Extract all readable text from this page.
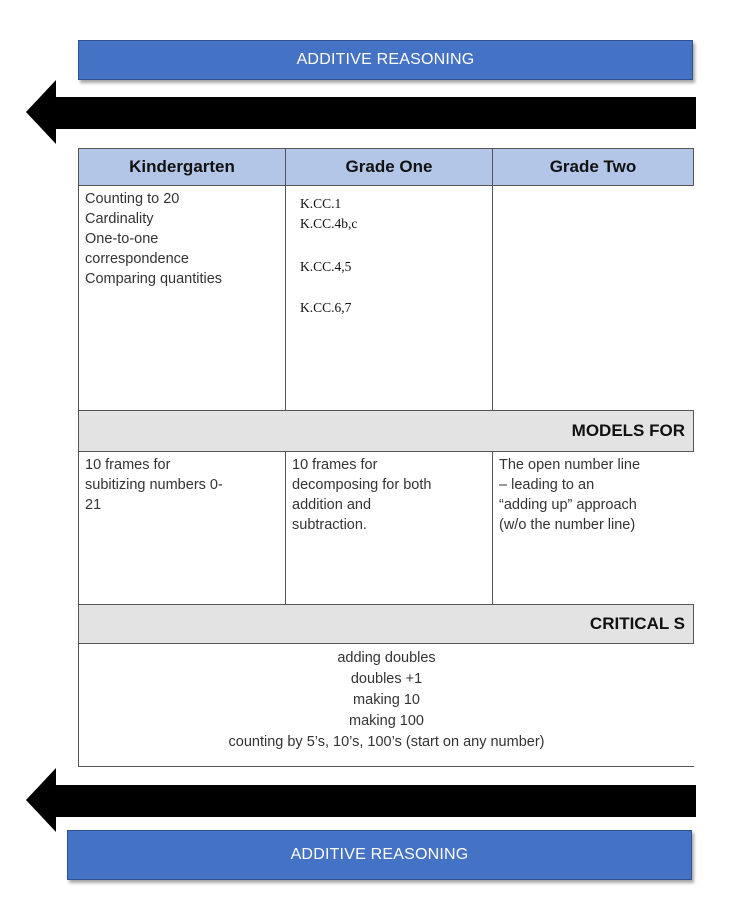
ADDITIVE REASONING
Kindergarten	Grade One	Grade Two
Counting to 20
Cardinality
One-to-one
correspondence
Comparing quantities
K.CC.1
K.CC.4b,c
K.CC.4,5
K.CC.6,7
MODELS FOR
10 frames for
subitizing numbers 0-
21
10 frames for
decomposing for both
addition and
subtraction.
The open number line
– leading to an
“adding up” approach
(w/o the number line)
CRITICAL S
adding doubles
doubles +1
making 10
making 100
counting by 5’s, 10’s, 100’s (start on any number)
ADDITIVE REASONING
